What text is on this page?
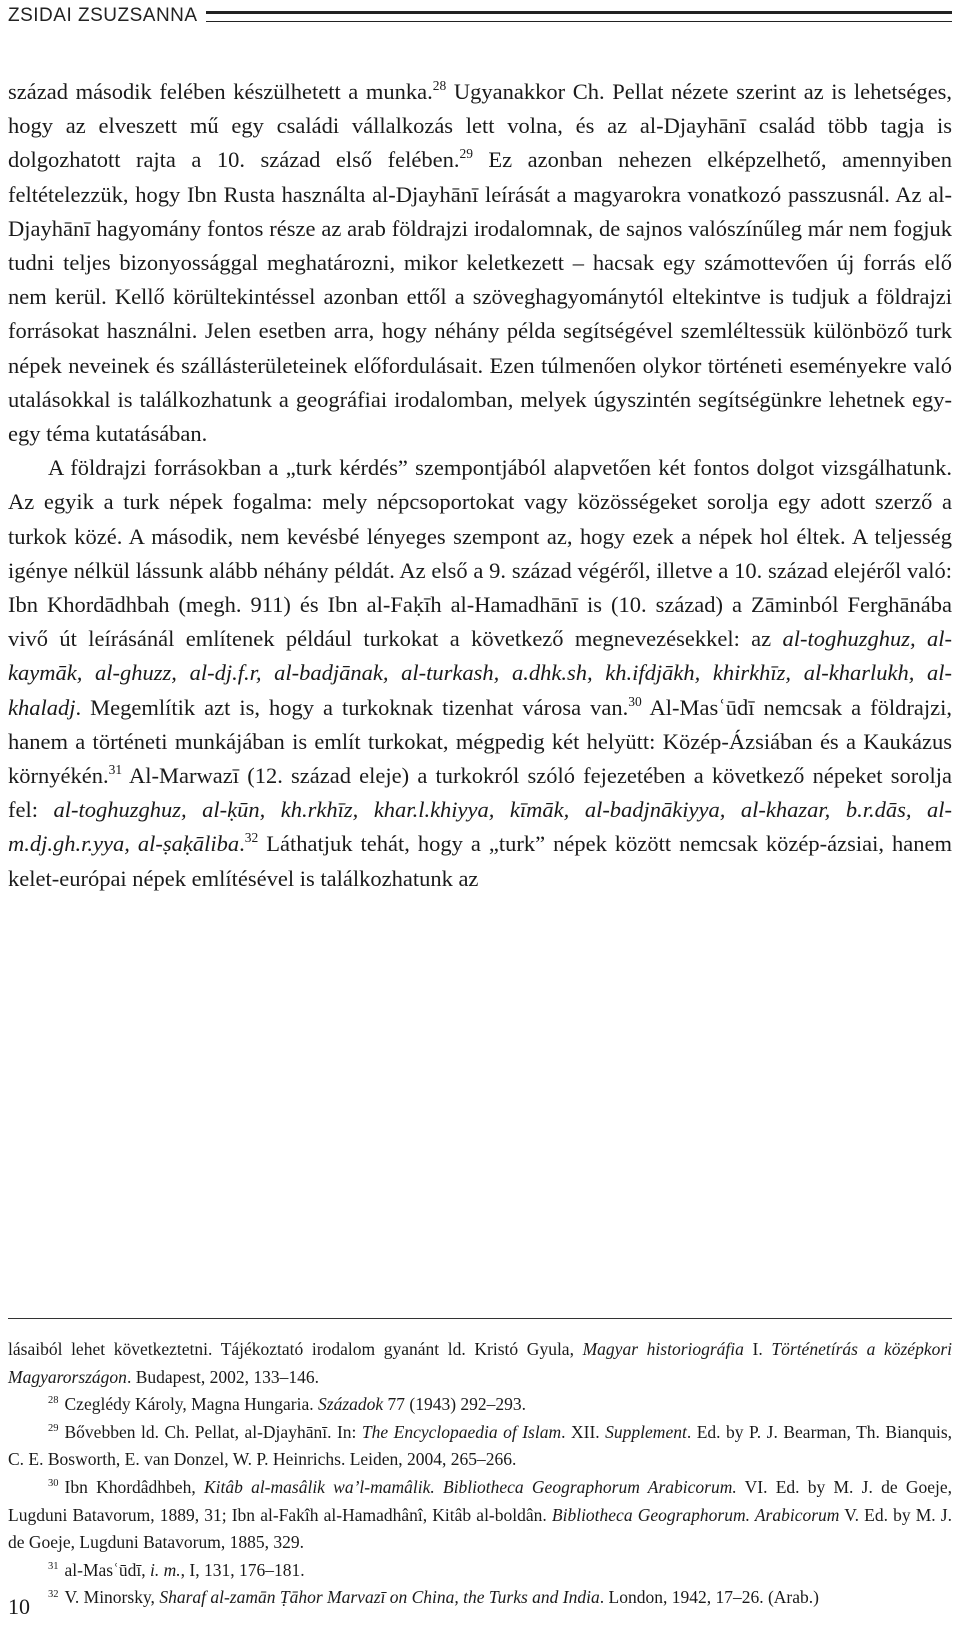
ZSIDAI ZSUZSANNA

század második felében készülhetett a munka.$^{28}$ Ugyanakkor Ch. Pellat nézete szerint az is lehetséges, hogy az elveszett mű egy családi vállalkozás lett volna, és az al-Djayhānī család több tagja is dolgozhatott rajta a 10. század első felében.$^{29}$ Ez azonban nehezen elképzelhető, amennyiben feltételezzük, hogy Ibn Rusta használta al-Djayhānī leírását a magyarokra vonatkozó passzusnál. Az al-Djayhānī hagyomány fontos része az arab földrajzi irodalomnak, de sajnos valószínűleg már nem fogjuk tudni teljes bizonyossággal meghatározni, mikor keletkezett – hacsak egy számottevően új forrás elő nem kerül. Kellő körültekintéssel azonban ettől a szöveghagyománytól eltekintve is tudjuk a földrajzi forrásokat használni. Jelen esetben arra, hogy néhány példa segítségével szemléltessük különböző turk népek neveinek és szállásterületeinek előfordulásait. Ezen túlmenően olykor történeti eseményekre való utalásokkal is találkozhatunk a geográfiai irodalomban, melyek úgyszintén segítségünkre lehetnek egy-egy téma kutatásában.

A földrajzi forrásokban a „turk kérdés” szempontjából alapvetően két fontos dolgot vizsgálhatunk. Az egyik a turk népek fogalma: mely népcsoportokat vagy közösségeket sorolja egy adott szerző a turkok közé. A második, nem kevésbé lényeges szempont az, hogy ezek a népek hol éltek. A teljesség igénye nélkül lássunk alább néhány példát. Az első a 9. század végéről, illetve a 10. század elejéről való: Ibn Khordādhbah (megh. 911) és Ibn al-Faḳīh al-Hamadhānī is (10. század) a Zāminból Ferghānába vivő út leírásánál említenek például turkokat a következő megnevezésekkel: az al-toghuzghuz, al-kaymāk, al-ghuzz, al-dj.f.r, al-badjānak, al-turkash, a.dhk.sh, kh.ifdjākh, khirkhīz, al-kharlukh, al-khaladj. Megemlítik azt is, hogy a turkoknak tizenhat városa van.$^{30}$ Al-Masʿūdī nemcsak a földrajzi, hanem a történeti munkájában is említ turkokat, mégpedig két helyütt: Közép-Ázsiában és a Kaukázus környékén.$^{31}$ Al-Marwazī (12. század eleje) a turkokról szóló fejezetében a következő népeket sorolja fel: al-toghuzghuz, al-ḳūn, kh.rkhīz, khar.l.khiyya, kīmāk, al-badjnākiyya, al-khazar, b.r.dās, al-m.dj.gh.r.yya, al-ṣaḳāliba.$^{32}$ Láthatjuk tehát, hogy a „turk” népek között nemcsak közép-ázsiai, hanem kelet-európai népek említésével is találkozhatunk az

lásaiból lehet következtetni. Tájékoztató irodalom gyanánt ld. Kristó Gyula, Magyar historiográfia I. Történetírás a középkori Magyarországon. Budapest, 2002, 133–146.

$^{28}$ Czeglédy Károly, Magna Hungaria. Századok 77 (1943) 292–293.

$^{29}$ Bővebben ld. Ch. Pellat, al-Djayhānī. In: The Encyclopaedia of Islam. XII. Supplement. Ed. by P. J. Bearman, Th. Bianquis, C. E. Bosworth, E. van Donzel, W. P. Heinrichs. Leiden, 2004, 265–266.

$^{30}$ Ibn Khordâdhbeh, Kitâb al-masâlik wa’l-mamâlik. Bibliotheca Geographorum Arabicorum. VI. Ed. by M. J. de Goeje, Lugduni Batavorum, 1889, 31; Ibn al-Fakîh al-Hamadhânî, Kitâb al-boldân. Bibliotheca Geographorum. Arabicorum V. Ed. by M. J. de Goeje, Lugduni Batavorum, 1885, 329.

$^{31}$ al-Masʿūdī, i. m., I, 131, 176–181.

$^{32}$ V. Minorsky, Sharaf al-zamān Ṭāhor Marvazī on China, the Turks and India. London, 1942, 17–26. (Arab.)

10
